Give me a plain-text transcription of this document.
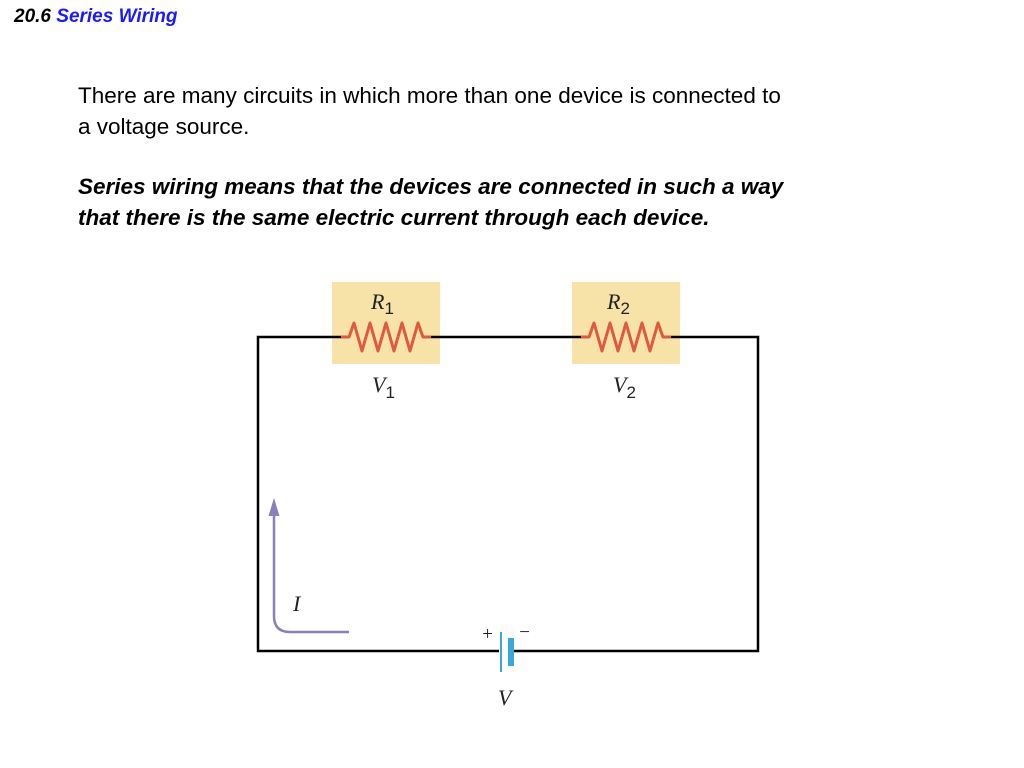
20.6 Series Wiring
There are many circuits in which more than one device is connected to
a voltage source.
Series wiring means that the devices are connected in such a way
that there is the same electric current through each device.
$R_1$	$R_2$
$V_1$	$V_2$
I
+ −
V
